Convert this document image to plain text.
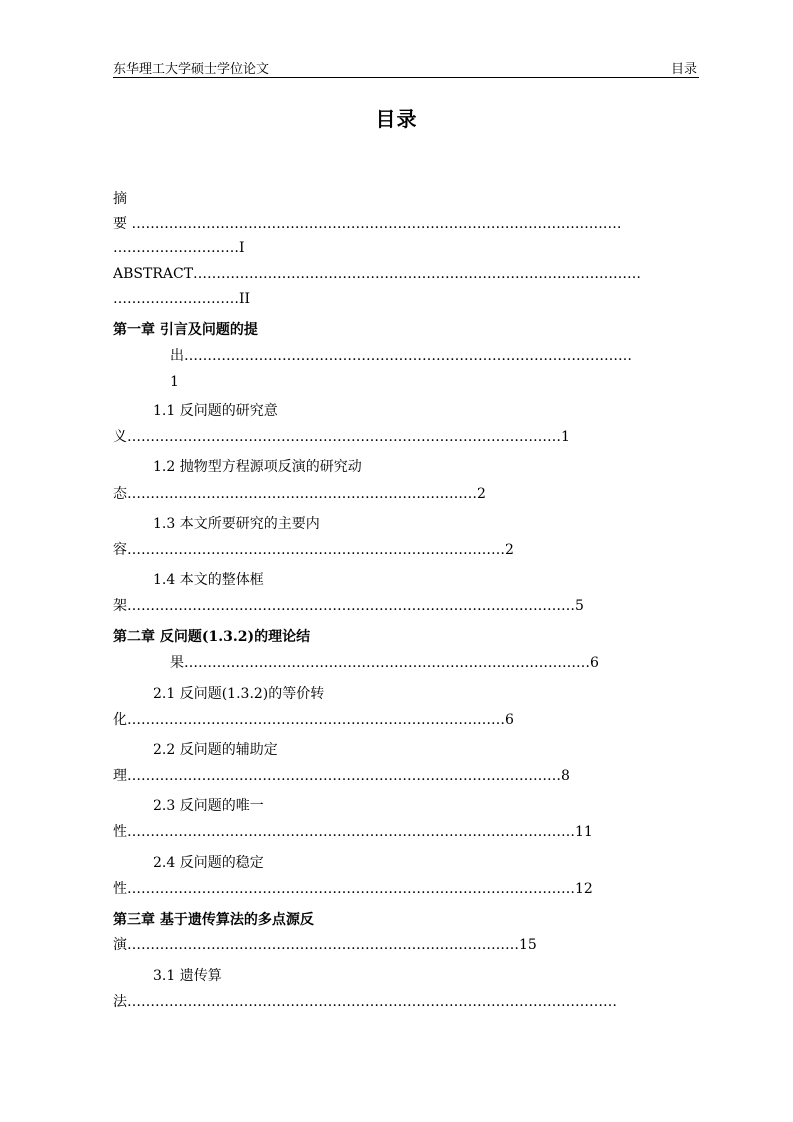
东华理工大学硕士学位论文	目录
目录
摘
要 ……………………………………………………………………………………………
………………………I
ABSTRACT……………………………………………………………………………………
………………………II
第一章 引言及问题的提
出……………………………………………………………………………………
1
1.1 反问题的研究意
义…………………………………………………………………………………1
1.2 抛物型方程源项反演的研究动
态…………………………………………………………………2
1.3 本文所要研究的主要内
容………………………………………………………………………2
1.4 本文的整体框
架……………………………………………………………………………………5
第二章 反问题(1.3.2)的理论结
果……………………………………………………………………………6
2.1 反问题(1.3.2)的等价转
化………………………………………………………………………6
2.2 反问题的辅助定
理…………………………………………………………………………………8
2.3 反问题的唯一
性……………………………………………………………………………………11
2.4 反问题的稳定
性……………………………………………………………………………………12
第三章 基于遗传算法的多点源反
演…………………………………………………………………………15
3.1 遗传算
法……………………………………………………………………………………………
